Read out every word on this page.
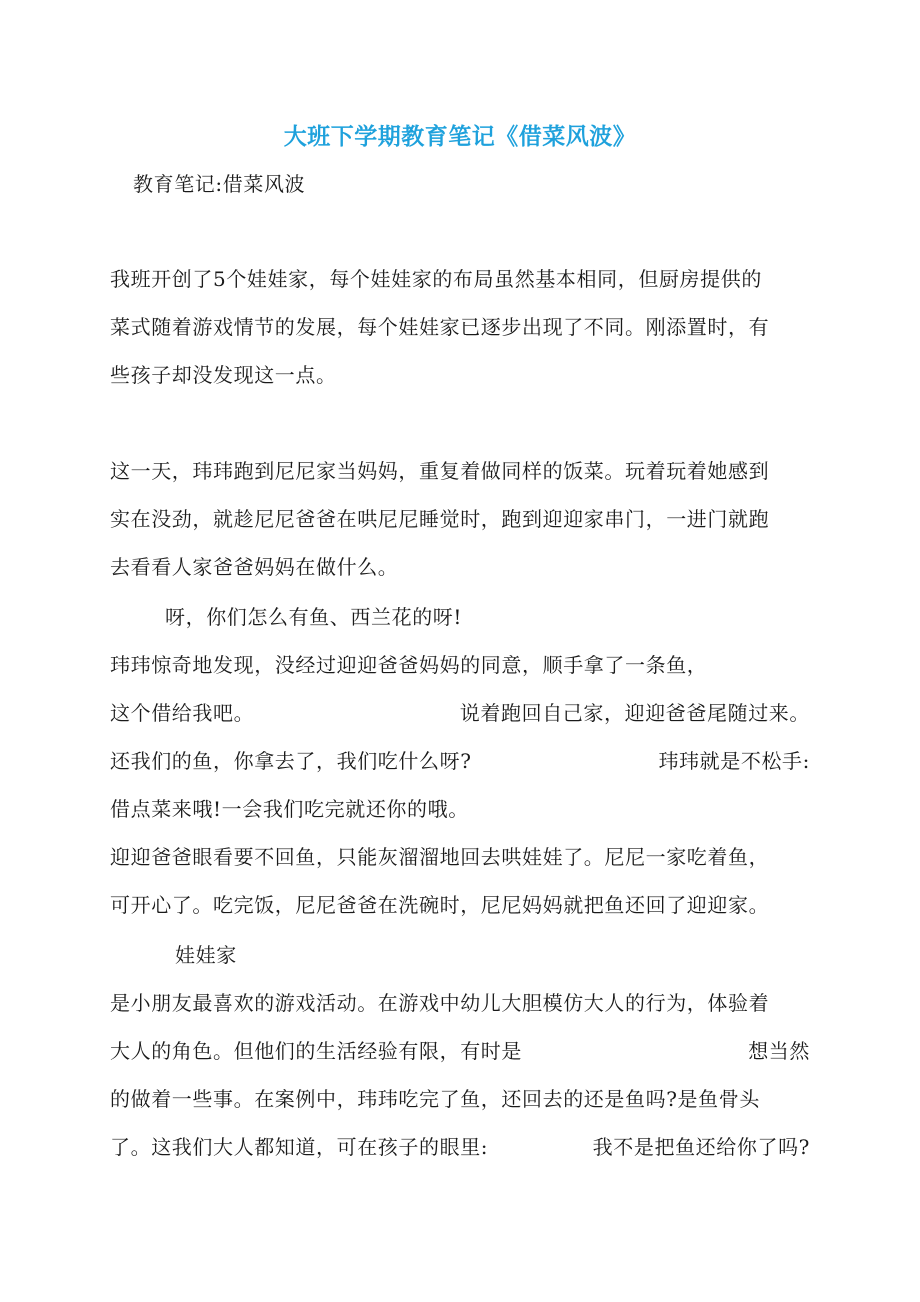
大班下学期教育笔记《借菜风波》
教育笔记:借菜风波
我班开创了5个娃娃家，每个娃娃家的布局虽然基本相同，但厨房提供的
菜式随着游戏情节的发展，每个娃娃家已逐步出现了不同。刚添置时，有
些孩子却没发现这一点。
这一天，玮玮跑到尼尼家当妈妈，重复着做同样的饭菜。玩着玩着她感到
实在没劲，就趁尼尼爸爸在哄尼尼睡觉时，跑到迎迎家串门，一进门就跑
去看看人家爸爸妈妈在做什么。
呀，你们怎么有鱼、西兰花的呀!
玮玮惊奇地发现，没经过迎迎爸爸妈妈的同意，顺手拿了一条鱼，
这个借给我吧。	说着跑回自己家，迎迎爸爸尾随过来。
还我们的鱼，你拿去了，我们吃什么呀?	玮玮就是不松手:
借点菜来哦!一会我们吃完就还你的哦。
迎迎爸爸眼看要不回鱼，只能灰溜溜地回去哄娃娃了。尼尼一家吃着鱼，
可开心了。吃完饭，尼尼爸爸在洗碗时，尼尼妈妈就把鱼还回了迎迎家。
娃娃家
是小朋友最喜欢的游戏活动。在游戏中幼儿大胆模仿大人的行为，体验着
大人的角色。但他们的生活经验有限，有时是	想当然
的做着一些事。在案例中，玮玮吃完了鱼，还回去的还是鱼吗?是鱼骨头
了。这我们大人都知道，可在孩子的眼里:	我不是把鱼还给你了吗?
